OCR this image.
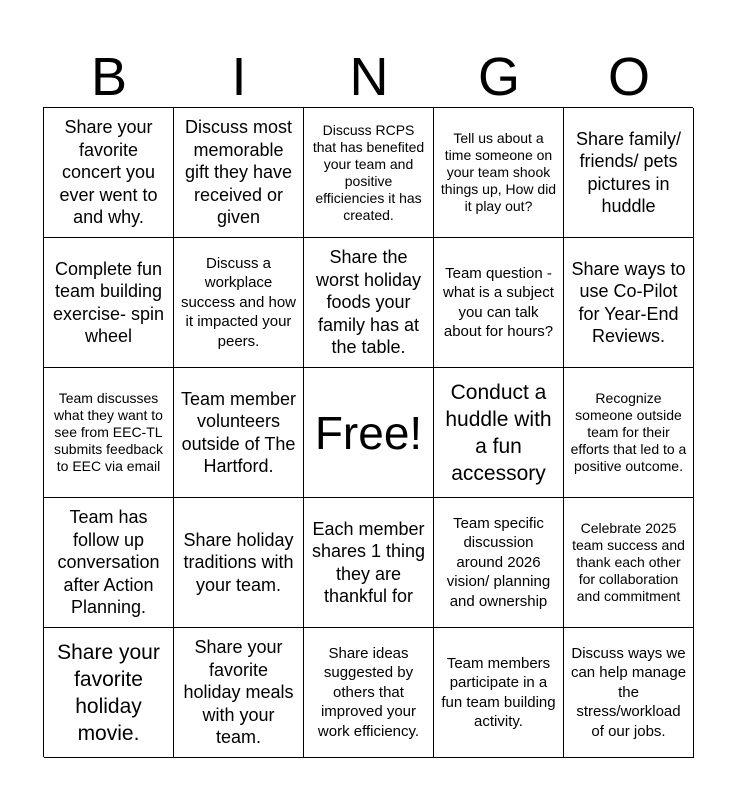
B	I	N	G	O
Share your favorite concert you ever went to and why.
Discuss most memorable gift they have received or given
Discuss RCPS that has benefited your team and positive efficiencies it has created.
Tell us about a time someone on your team shook things up, How did it play out?
Share family/ friends/ pets pictures in huddle
Complete fun team building exercise- spin wheel
Discuss a workplace success and how it impacted your peers.
Share the worst holiday foods your family has at the table.
Team question - what is a subject you can talk about for hours?
Share ways to use Co-Pilot for Year-End Reviews.
Team discusses what they want to see from EEC-TL submits feedback to EEC via email
Team member volunteers outside of The Hartford.
Free!
Conduct a huddle with a fun accessory
Recognize someone outside team for their efforts that led to a positive outcome.
Team has follow up conversation after Action Planning.
Share holiday traditions with your team.
Each member shares 1 thing they are thankful for
Team specific discussion around 2026 vision/ planning and ownership
Celebrate 2025 team success and thank each other for collaboration and commitment
Share your favorite holiday movie.
Share your favorite holiday meals with your team.
Share ideas suggested by others that improved your work efficiency.
Team members participate in a fun team building activity.
Discuss ways we can help manage the stress/workload of our jobs.
